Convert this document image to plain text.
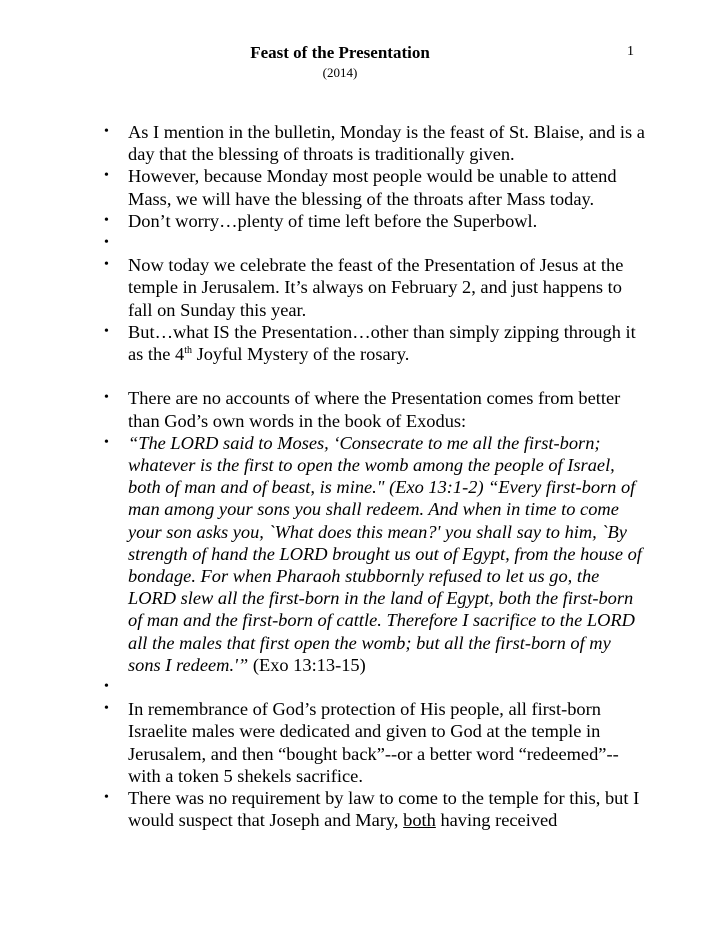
Feast of the Presentation
(2014)
1
• As I mention in the bulletin, Monday is the feast of St. Blaise, and is a day that the blessing of throats is traditionally given.
• However, because Monday most people would be unable to attend Mass, we will have the blessing of the throats after Mass today.
• Don’t worry…plenty of time left before the Superbowl.
•
• Now today we celebrate the feast of the Presentation of Jesus at the temple in Jerusalem. It’s always on February 2, and just happens to fall on Sunday this year.
• But…what IS the Presentation…other than simply zipping through it as the 4th Joyful Mystery of the rosary.
• There are no accounts of where the Presentation comes from better than God’s own words in the book of Exodus:
• “The LORD said to Moses, ‘Consecrate to me all the first-born; whatever is the first to open the womb among the people of Israel, both of man and of beast, is mine." (Exo 13:1-2) “Every first-born of man among your sons you shall redeem. And when in time to come your son asks you, `What does this mean?' you shall say to him, `By strength of hand the LORD brought us out of Egypt, from the house of bondage. For when Pharaoh stubbornly refused to let us go, the LORD slew all the first-born in the land of Egypt, both the first-born of man and the first-born of cattle. Therefore I sacrifice to the LORD all the males that first open the womb; but all the first-born of my sons I redeem.'” (Exo 13:13-15)
•
• In remembrance of God’s protection of His people, all first-born Israelite males were dedicated and given to God at the temple in Jerusalem, and then “bought back”--or a better word “redeemed”--with a token 5 shekels sacrifice.
• There was no requirement by law to come to the temple for this, but I would suspect that Joseph and Mary, both having received
